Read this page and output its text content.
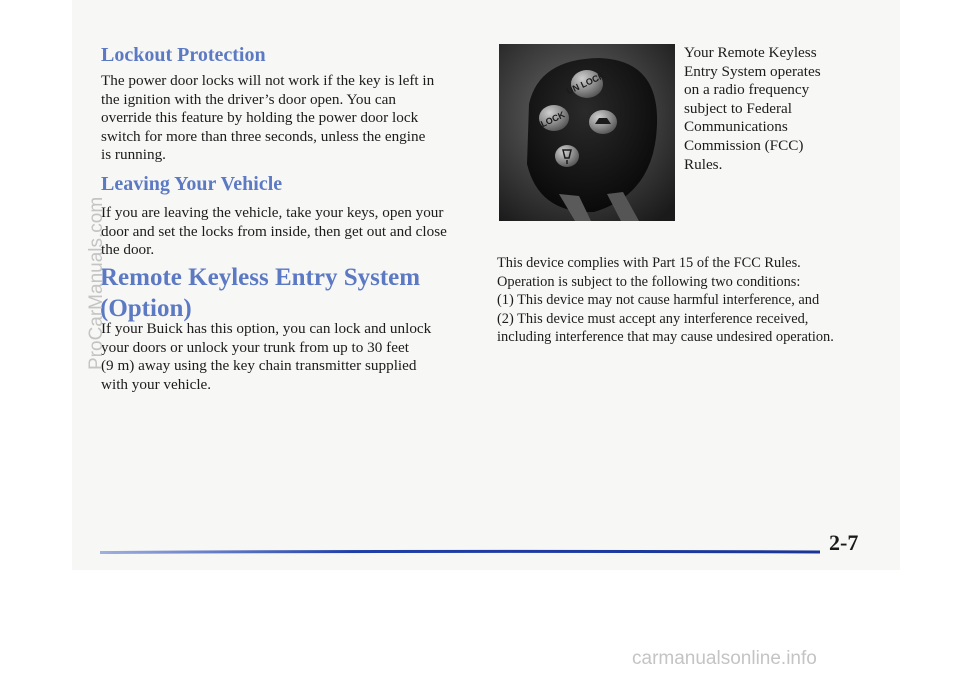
Lockout Protection

The power door locks will not work if the key is left in
the ignition with the driver’s door open. You can
override this feature by holding the power door lock
switch for more than three seconds, unless the engine
is running.

Leaving Your Vehicle

If you are leaving the vehicle, take your keys, open your
door and set the locks from inside, then get out and close
the door.

Remote Keyless Entry System
(Option)

If your Buick has this option, you can lock and unlock
your doors or unlock your trunk from up to 30 feet
(9 m) away using the key chain transmitter supplied
with your vehicle.

UN LOCK
LOCK

Your Remote Keyless
Entry System operates
on a radio frequency
subject to Federal
Communications
Commission (FCC)
Rules.

This device complies with Part 15 of the FCC Rules.
Operation is subject to the following two conditions:
(1) This device may not cause harmful interference, and
(2) This device must accept any interference received,
including interference that may cause undesired operation.

2-7
ProCarManuals.com
carmanualsonline.info
